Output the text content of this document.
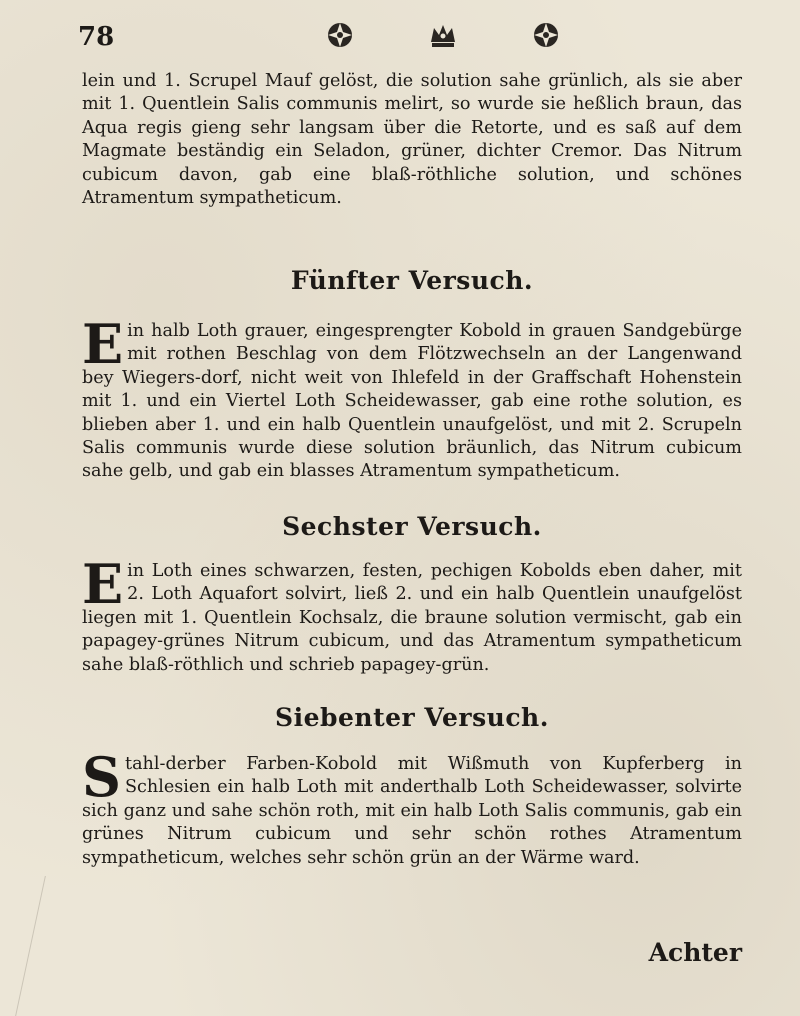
78
lein und 1. Scrupel Mauf gelöst, die solution sahe grünlich, als sie aber mit 1. Quentlein Salis communis melirt, so wurde sie heßlich braun, das Aqua regis gieng sehr langsam über die Retorte, und es saß auf dem Magmate beständig ein Seladon, grüner, dichter Cremor. Das Nitrum cubicum davon, gab eine blaß-röthliche solution, und schönes Atramentum sympatheticum.
Fünfter Versuch.
Ein halb Loth grauer, eingesprengter Kobold in grauen Sandgebürge mit rothen Beschlag von dem Flötzwechseln an der Langenwand bey Wiegers-dorf, nicht weit von Ihlefeld in der Graffschaft Hohenstein mit 1. und ein Viertel Loth Scheidewasser, gab eine rothe solution, es blieben aber 1. und ein halb Quentlein unaufgelöst, und mit 2. Scrupeln Salis communis wurde diese solution bräunlich, das Nitrum cubicum sahe gelb, und gab ein blasses Atramentum sympatheticum.
Sechster Versuch.
Ein Loth eines schwarzen, festen, pechigen Kobolds eben daher, mit 2. Loth Aquafort solvirt, ließ 2. und ein halb Quentlein unaufgelöst liegen mit 1. Quentlein Kochsalz, die braune solution vermischt, gab ein papagey-grünes Nitrum cubicum, und das Atramentum sympatheticum sahe blaß-röthlich und schrieb papagey-grün.
Siebenter Versuch.
Stahl-derber Farben-Kobold mit Wißmuth von Kupferberg in Schlesien ein halb Loth mit anderthalb Loth Scheidewasser, solvirte sich ganz und sahe schön roth, mit ein halb Loth Salis communis, gab ein grünes Nitrum cubicum und sehr schön rothes Atramentum sympatheticum, welches sehr schön grün an der Wärme ward.
Achter
